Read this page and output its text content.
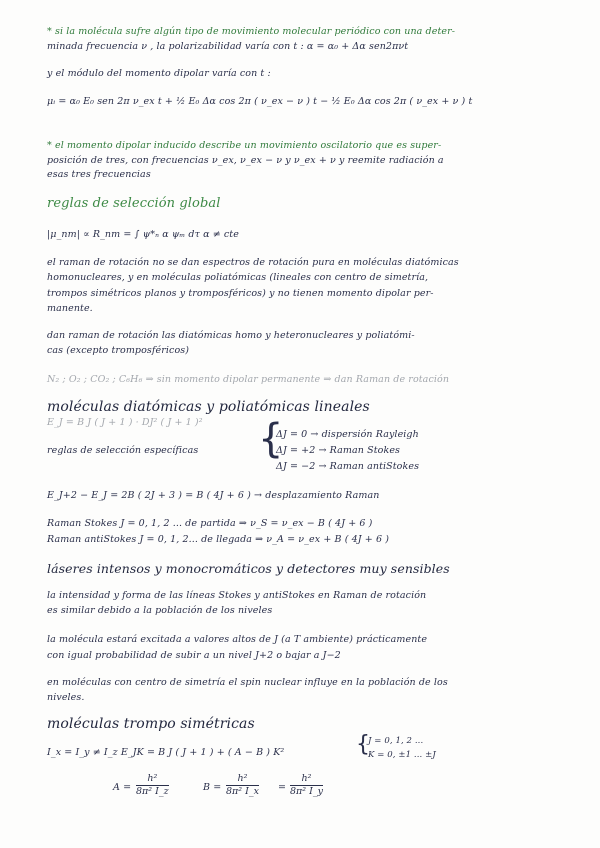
* si la molécula sufre algún tipo de movimiento molecular periódico con una deter-
minada frecuencia ν , la polarizabilidad varía con t : α = α₀ + Δα sen2πνt
y el módulo del momento dipolar varía con t :
μᵢ = α₀ E₀ sen 2π ν_ex t + ½ E₀ Δα cos 2π ( ν_ex − ν ) t − ½ E₀ Δα cos 2π ( ν_ex + ν ) t
* el momento dipolar inducido describe un movimiento oscilatorio que es super-
posición de tres, con frecuencias ν_ex, ν_ex − ν y ν_ex + ν y reemite radiación a
esas tres frecuencias
reglas de selección global
|μ_nm| ∝ R_nm = ∫ ψ*ₙ α ψₘ dτ α ≠ cte
el raman de rotación no se dan espectros de rotación pura en moléculas diatómicas
homonucleares, y en moléculas poliatómicas (lineales con centro de simetría,
trompos simétricos planos y tromposféricos) y no tienen momento dipolar per-
manente.
dan raman de rotación las diatómicas homo y heteronucleares y poliatómi-
cas (excepto tromposféricos)
N₂ ; O₂ ; CO₂ ; C₆H₆ ⇒ sin momento dipolar permanente ⇒ dan Raman de rotación
moléculas diatómicas y poliatómicas lineales
E_J = B J ( J + 1 ) · DJ² ( J + 1 )²
reglas de selección específicas {
ΔJ = 0 → dispersión Rayleigh
ΔJ = +2 → Raman Stokes
ΔJ = −2 → Raman antiStokes
E_J+2 − E_J = 2B ( 2J + 3 ) = B ( 4J + 6 ) → desplazamiento Raman
Raman Stokes J = 0, 1, 2 ... de partida ⇒ ν_S = ν_ex − B ( 4J + 6 )
Raman antiStokes J = 0, 1, 2... de llegada ⇒ ν_A = ν_ex + B ( 4J + 6 )
láseres intensos y monocromáticos y detectores muy sensibles
la intensidad y forma de las líneas Stokes y antiStokes en Raman de rotación
es similar debido a la población de los niveles
la molécula estará excitada a valores altos de J (a T ambiente) prácticamente
con igual probabilidad de subir a un nivel J+2 o bajar a J−2
en moléculas con centro de simetría el spin nuclear influye en la población de los
niveles.
moléculas trompo simétricas
I_x = I_y ≠ I_z E_JK = B J ( J + 1 ) + ( A − B ) K²	{
J = 0, 1, 2 ...
K = 0, ±1 ... ±J
$A = \frac{\text{h²}}{\text{8π² I\_z}}$	$B = \frac{\text{h²}}{\text{8π² I\_x}} = \frac{\text{h²}}{\text{8π² I\_y}}$
